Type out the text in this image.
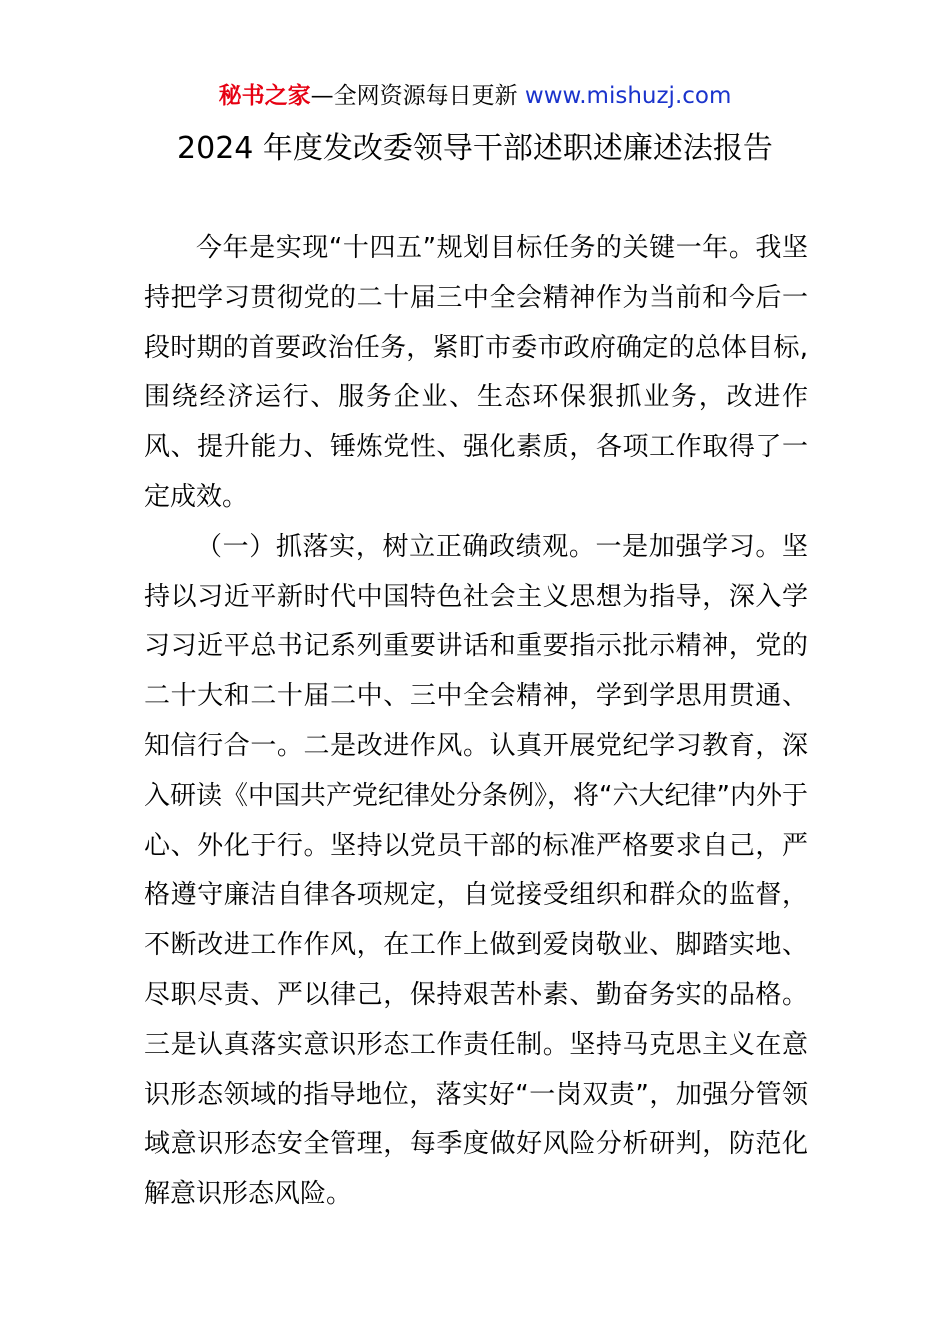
秘书之家—全网资源每日更新 www.mishuzj.com
2024 年度发改委领导干部述职述廉述法报告

今年是实现“十四五”规划目标任务的关键一年。我坚持把学习贯彻党的二十届三中全会精神作为当前和今后一段时期的首要政治任务，紧盯市委市政府确定的总体目标,围绕经济运行、服务企业、生态环保狠抓业务，改进作风、提升能力、锤炼党性、强化素质，各项工作取得了一定成效。

（一）抓落实，树立正确政绩观。一是加强学习。坚持以习近平新时代中国特色社会主义思想为指导，深入学习习近平总书记系列重要讲话和重要指示批示精神，党的二十大和二十届二中、三中全会精神，学到学思用贯通、知信行合一。二是改进作风。认真开展党纪学习教育，深入研读《中国共产党纪律处分条例》，将“六大纪律”内外于心、外化于行。坚持以党员干部的标准严格要求自己，严格遵守廉洁自律各项规定，自觉接受组织和群众的监督，不断改进工作作风，在工作上做到爱岗敬业、脚踏实地、尽职尽责、严以律己，保持艰苦朴素、勤奋务实的品格。三是认真落实意识形态工作责任制。坚持马克思主义在意识形态领域的指导地位，落实好“一岗双责”，加强分管领域意识形态安全管理，每季度做好风险分析研判，防范化解意识形态风险。
